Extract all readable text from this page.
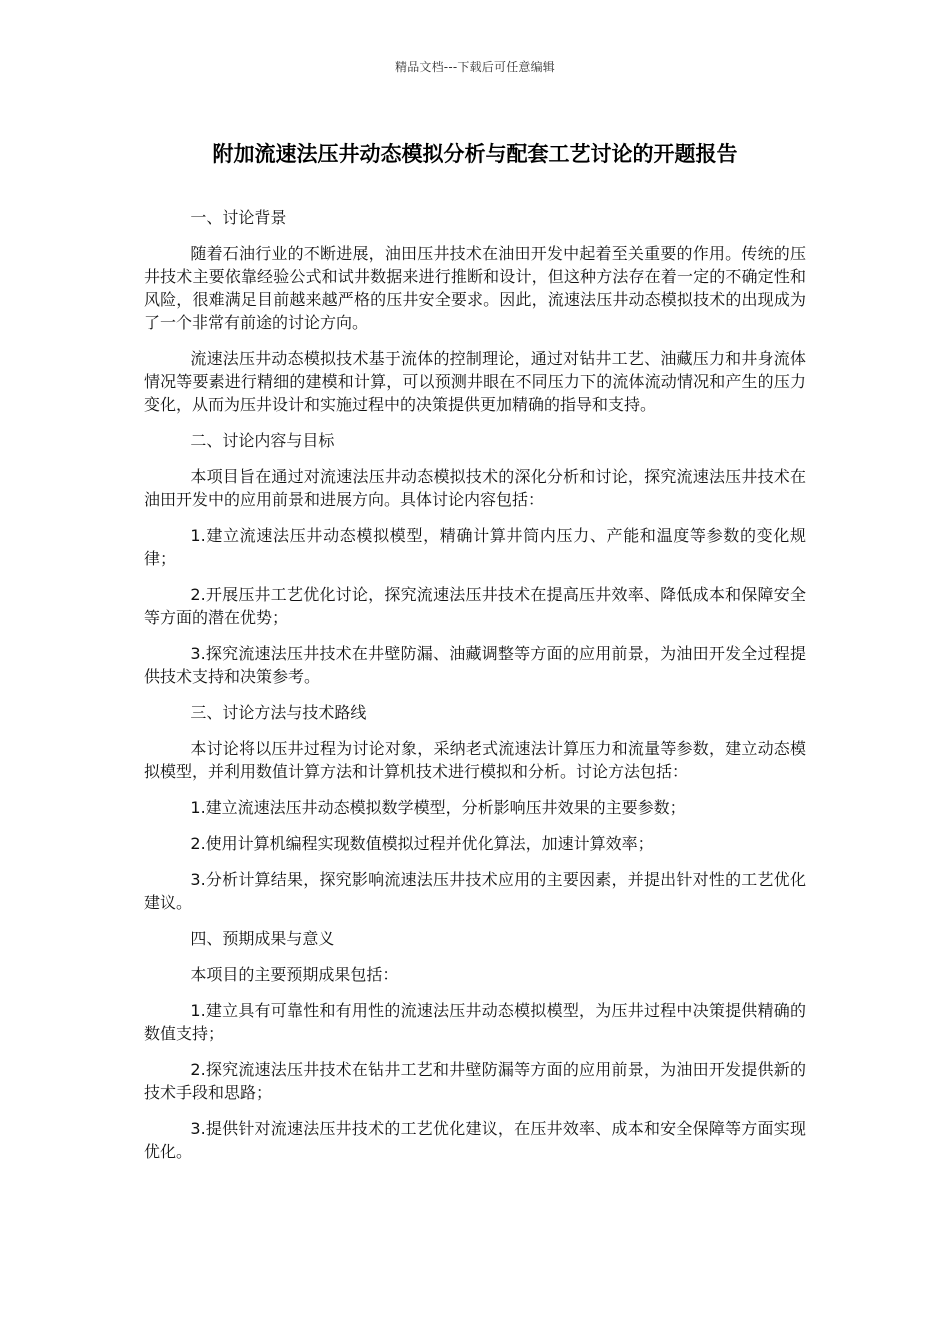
精品文档---下载后可任意编辑
附加流速法压井动态模拟分析与配套工艺讨论的开题报告

一、讨论背景

随着石油行业的不断进展，油田压井技术在油田开发中起着至关重要的作用。传统的压井技术主要依靠经验公式和试井数据来进行推断和设计，但这种方法存在着一定的不确定性和风险，很难满足目前越来越严格的压井安全要求。因此，流速法压井动态模拟技术的出现成为了一个非常有前途的讨论方向。

流速法压井动态模拟技术基于流体的控制理论，通过对钻井工艺、油藏压力和井身流体情况等要素进行精细的建模和计算，可以预测井眼在不同压力下的流体流动情况和产生的压力变化，从而为压井设计和实施过程中的决策提供更加精确的指导和支持。

二、讨论内容与目标

本项目旨在通过对流速法压井动态模拟技术的深化分析和讨论，探究流速法压井技术在油田开发中的应用前景和进展方向。具体讨论内容包括：

1.建立流速法压井动态模拟模型，精确计算井筒内压力、产能和温度等参数的变化规律；

2.开展压井工艺优化讨论，探究流速法压井技术在提高压井效率、降低成本和保障安全等方面的潜在优势；

3.探究流速法压井技术在井壁防漏、油藏调整等方面的应用前景，为油田开发全过程提供技术支持和决策参考。

三、讨论方法与技术路线

本讨论将以压井过程为讨论对象，采纳老式流速法计算压力和流量等参数，建立动态模拟模型，并利用数值计算方法和计算机技术进行模拟和分析。讨论方法包括：

1.建立流速法压井动态模拟数学模型，分析影响压井效果的主要参数；

2.使用计算机编程实现数值模拟过程并优化算法，加速计算效率；

3.分析计算结果，探究影响流速法压井技术应用的主要因素，并提出针对性的工艺优化建议。

四、预期成果与意义

本项目的主要预期成果包括：

1.建立具有可靠性和有用性的流速法压井动态模拟模型，为压井过程中决策提供精确的数值支持；

2.探究流速法压井技术在钻井工艺和井壁防漏等方面的应用前景，为油田开发提供新的技术手段和思路；

3.提供针对流速法压井技术的工艺优化建议，在压井效率、成本和安全保障等方面实现优化。
